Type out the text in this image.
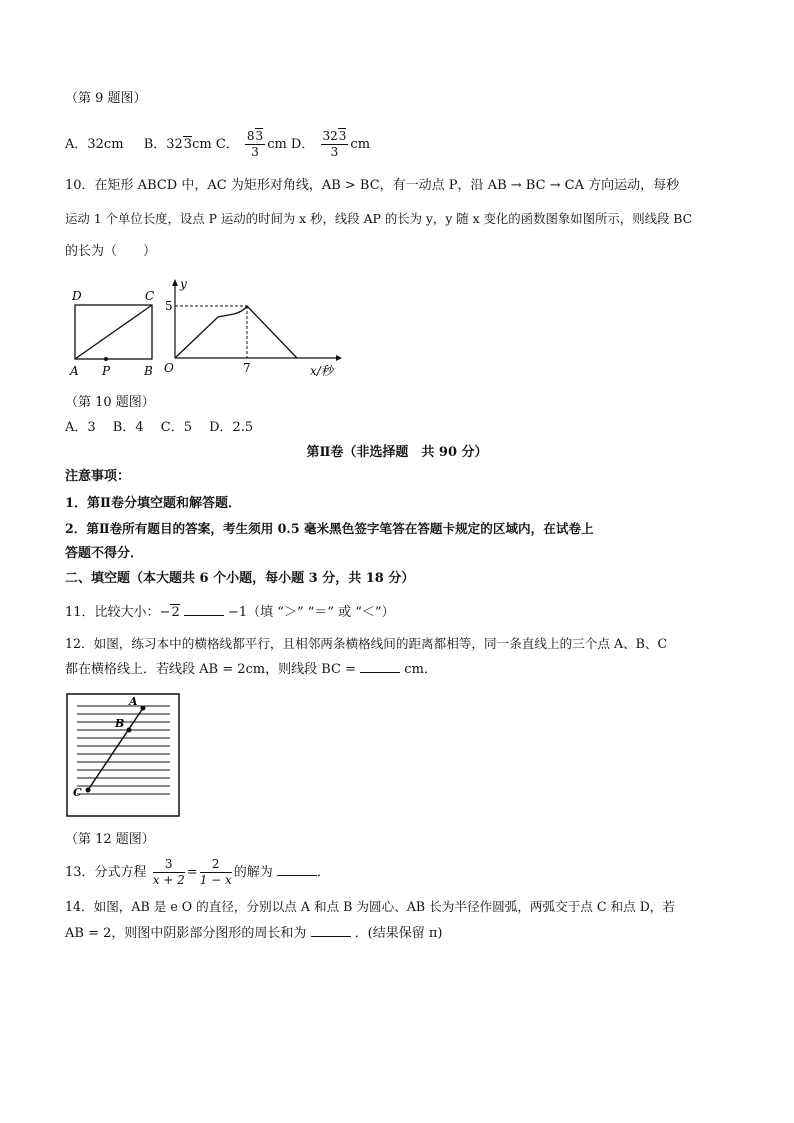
（第 9 题图）
A．32cm B．323cm C． $\frac{83}{3}$ cm D． $\frac{323}{3}$ cm
10．在矩形 ABCD 中，AC 为矩形对角线，AB > BC，有一动点 P，沿 AB → BC → CA 方向运动，每秒
运动 1 个单位长度，设点 P 运动的时间为 x 秒，线段 AP 的长为 y，y 随 x 变化的函数图象如图所示，则线段 BC
的长为（　　）
D	C
A P	B
y
5
O	7	x/秒
（第 10 题图）
A．3　 B．4　 C．5　 D．2.5
第Ⅱ卷（非选择题　共 90 分）
注意事项：
1．第Ⅱ卷分填空题和解答题．
2．第Ⅱ卷所有题目的答案，考生须用 0.5 毫米黑色签字笔答在答题卡规定的区域内，在试卷上
答题不得分．
二、填空题（本大题共 6 个小题，每小题 3 分，共 18 分）
11．比较大小：−2	−1（填 “＞” “＝” 或 “＜”）
12．如图，练习本中的横格线都平行，且相邻两条横格线间的距离都相等，同一条直线上的三个点 A、B、C
都在横格线上．若线段 AB = 2cm，则线段 BC =	cm．
A
B
C
（第 12 题图）
13．分式方程 $\frac{3}{x + 2} = \frac{2}{1 - x}$ 的解为	．
14．如图，AB 是 e O 的直径，分别以点 A 和点 B 为圆心、AB 长为半径作圆弧，两弧交于点 C 和点 D，若
AB = 2，则图中阴影部分图形的周长和为	．(结果保留 π)
